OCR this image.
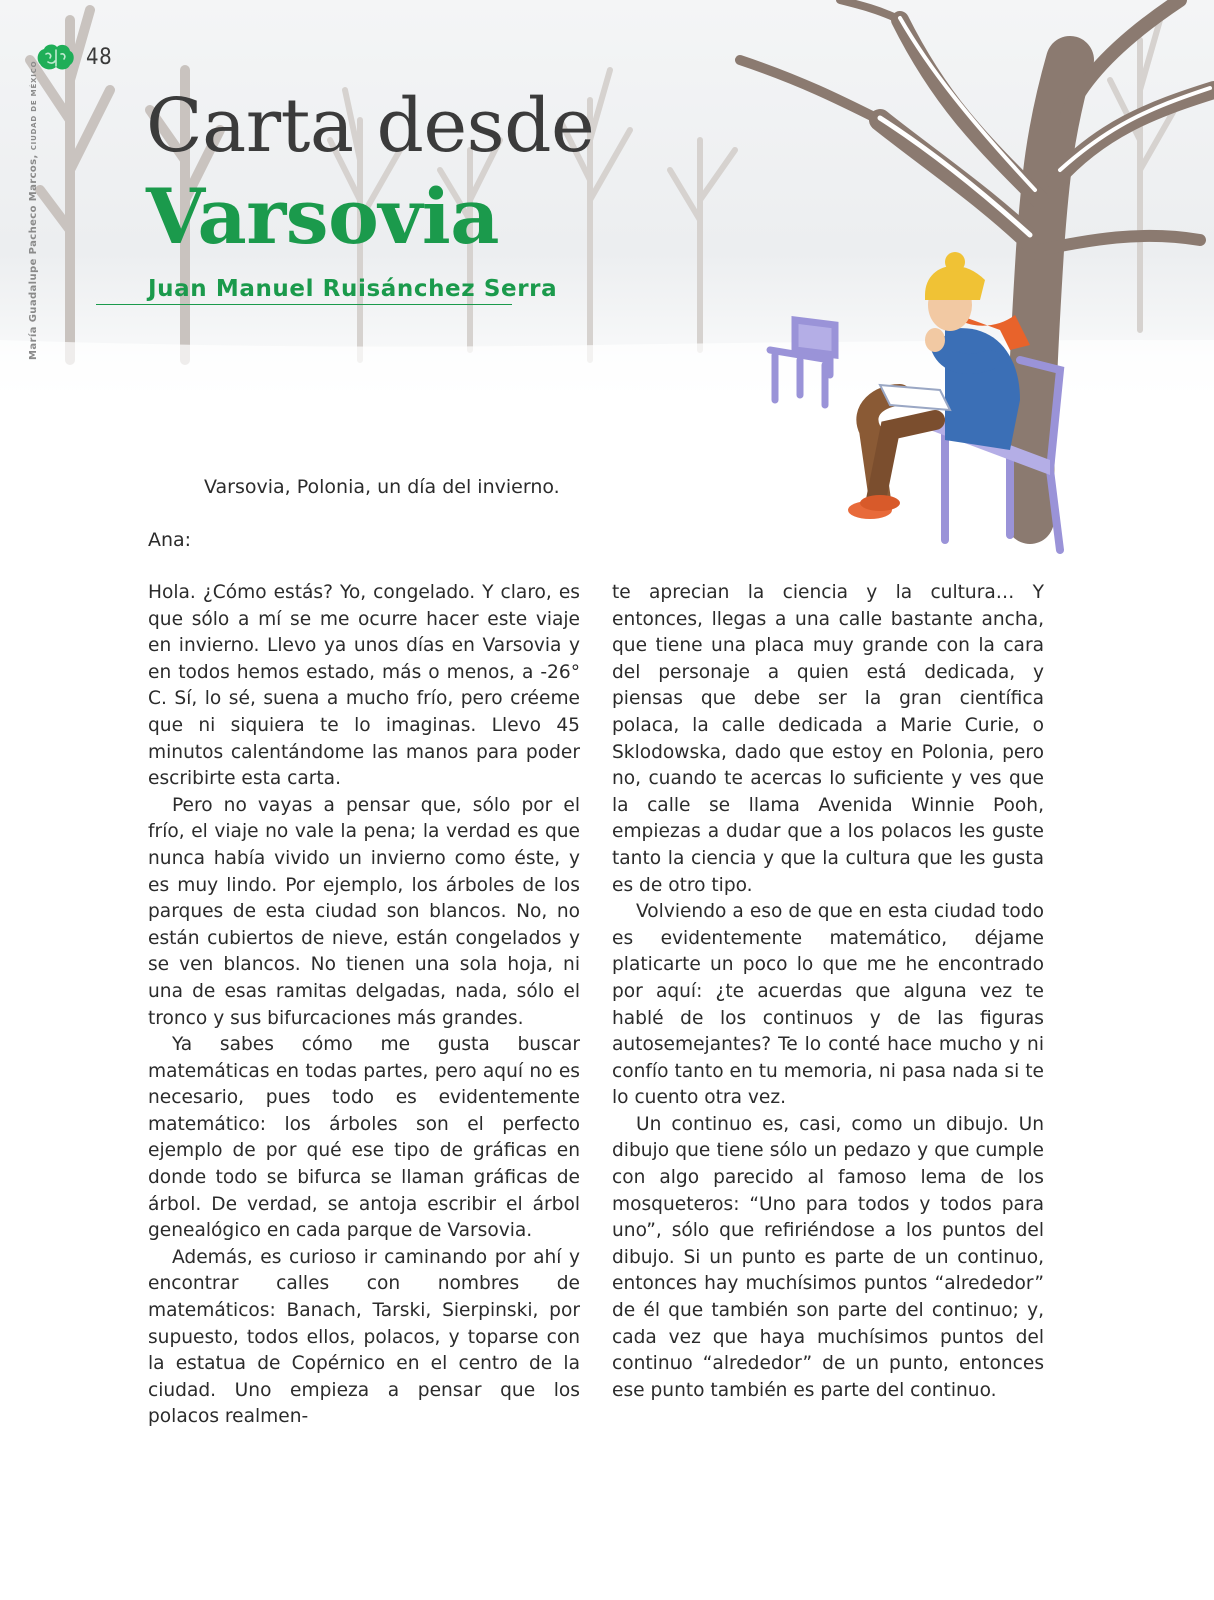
48
María Guadalupe Pacheco Marcos,
CIUDAD DE MÉXICO Carta desde
Varsovia
Juan Manuel Ruisánchez Serra
Varsovia, Polonia, un día del invierno.
Ana:

Hola. ¿Cómo estás? Yo, congelado. Y claro, es que sólo a mí se me ocurre hacer este viaje en invierno. Llevo ya unos días en Varsovia y en todos hemos estado, más o menos, a -26° C. Sí, lo sé, suena a mucho frío, pero créeme que ni siquiera te lo imaginas. Llevo 45 minutos calentándome las manos para poder escribirte esta carta.

Pero no vayas a pensar que, sólo por el frío, el viaje no vale la pena; la verdad es que nunca había vivido un invierno como éste, y es muy lindo. Por ejemplo, los árboles de los parques de esta ciudad son blancos. No, no están cubiertos de nieve, están congelados y se ven blancos. No tienen una sola hoja, ni una de esas ramitas delgadas, nada, sólo el tronco y sus bifurcaciones más grandes.

Ya sabes cómo me gusta buscar matemáticas en todas partes, pero aquí no es necesario, pues todo es evidentemente matemático: los árboles son el perfecto ejemplo de por qué ese tipo de gráficas en donde todo se bifurca se llaman gráficas de árbol. De verdad, se antoja escribir el árbol genealógico en cada parque de Varsovia.

Además, es curioso ir caminando por ahí y encontrar calles con nombres de matemáticos: Banach, Tarski, Sierpinski, por supuesto, todos ellos, polacos, y toparse con la estatua de Copérnico en el centro de la ciudad. Uno empieza a pensar que los polacos realmen-

te aprecian la ciencia y la cultura… Y entonces, llegas a una calle bastante ancha, que tiene una placa muy grande con la cara del personaje a quien está dedicada, y piensas que debe ser la gran científica polaca, la calle dedicada a Marie Curie, o Sklodowska, dado que estoy en Polonia, pero no, cuando te acercas lo suficiente y ves que la calle se llama Avenida Winnie Pooh, empiezas a dudar que a los polacos les guste tanto la ciencia y que la cultura que les gusta es de otro tipo.

Volviendo a eso de que en esta ciudad todo es evidentemente matemático, déjame platicarte un poco lo que me he encontrado por aquí: ¿te acuerdas que alguna vez te hablé de los continuos y de las figuras autosemejantes? Te lo conté hace mucho y ni confío tanto en tu memoria, ni pasa nada si te lo cuento otra vez.

Un continuo es, casi, como un dibujo. Un dibujo que tiene sólo un pedazo y que cumple con algo parecido al famoso lema de los mosqueteros: “Uno para todos y todos para uno”, sólo que refiriéndose a los puntos del dibujo. Si un punto es parte de un continuo, entonces hay muchísimos puntos “alrededor” de él que también son parte del continuo; y, cada vez que haya muchísimos puntos del continuo “alrededor” de un punto, entonces ese punto también es parte del continuo.
